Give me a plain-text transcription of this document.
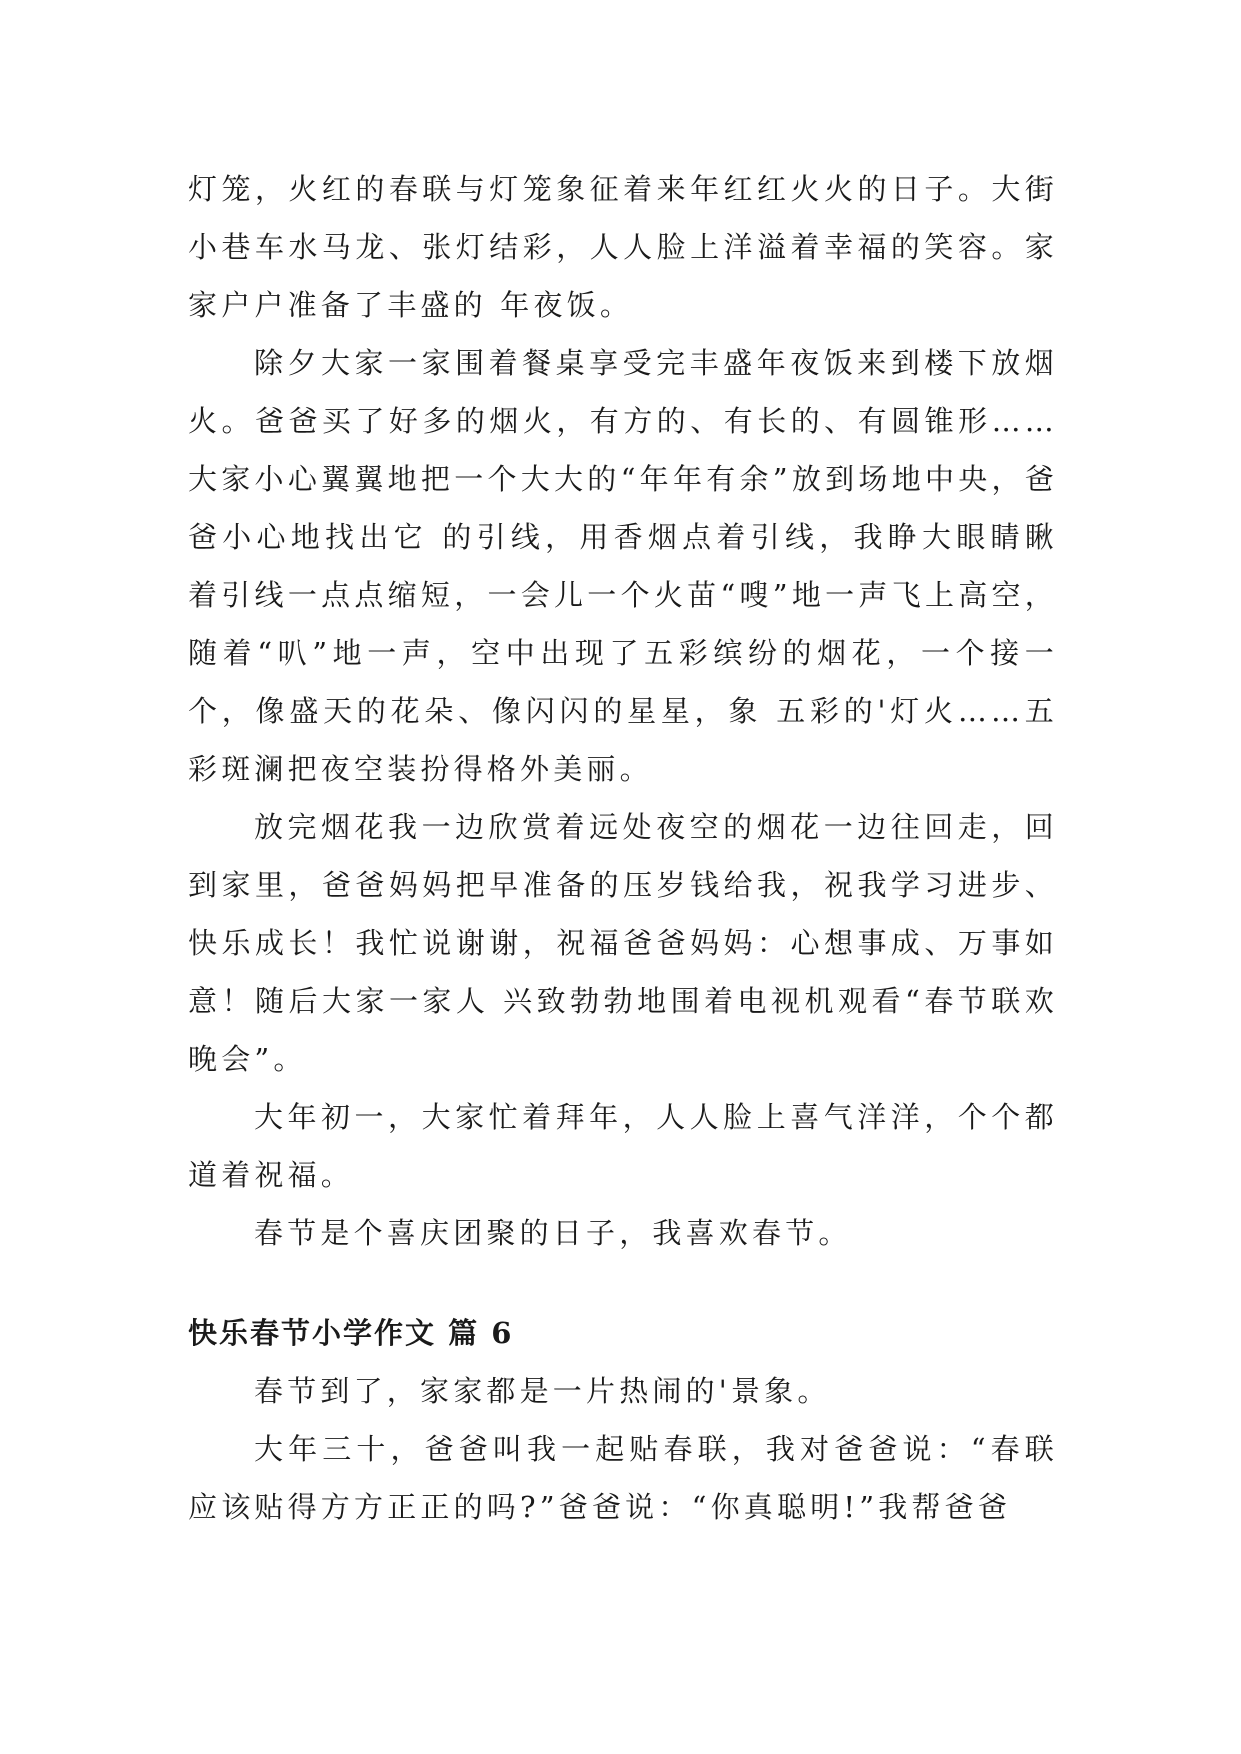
灯笼，火红的春联与灯笼象征着来年红红火火的日子。大街小巷车水马龙、张灯结彩，人人脸上洋溢着幸福的笑容。家家户户准备了丰盛的 年夜饭。

除夕大家一家围着餐桌享受完丰盛年夜饭来到楼下放烟火。爸爸买了好多的烟火，有方的、有长的、有圆锥形……大家小心翼翼地把一个大大的“年年有余”放到场地中央，爸爸小心地找出它 的引线，用香烟点着引线，我睁大眼睛瞅着引线一点点缩短，一会儿一个火苗“嗖”地一声飞上高空，随着“叭”地一声，空中出现了五彩缤纷的烟花，一个接一个，像盛天的花朵、像闪闪的星星，象 五彩的'灯火……五彩斑澜把夜空装扮得格外美丽。

放完烟花我一边欣赏着远处夜空的烟花一边往回走，回到家里，爸爸妈妈把早准备的压岁钱给我，祝我学习进步、快乐成长！我忙说谢谢，祝福爸爸妈妈：心想事成、万事如意！随后大家一家人 兴致勃勃地围着电视机观看“春节联欢晚会”。

大年初一，大家忙着拜年，人人脸上喜气洋洋，个个都道着祝福。

春节是个喜庆团聚的日子，我喜欢春节。

快乐春节小学作文 篇 6

春节到了，家家都是一片热闹的'景象。

大年三十，爸爸叫我一起贴春联，我对爸爸说：“春联应该贴得方方正正的吗?”爸爸说：“你真聪明!”我帮爸爸
